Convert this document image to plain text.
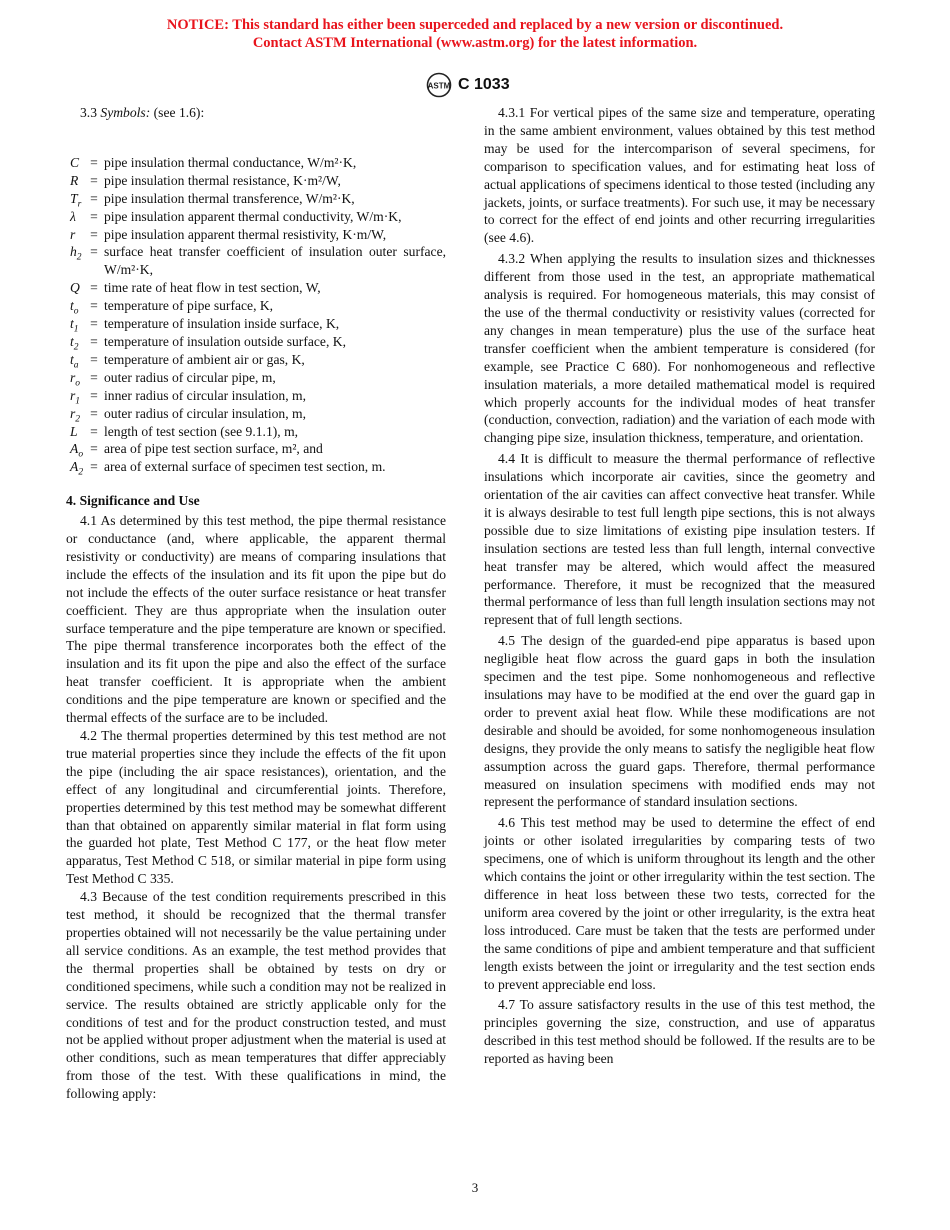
NOTICE: This standard has either been superceded and replaced by a new version or discontinued.
Contact ASTM International (www.astm.org) for the latest information.
ASTM C 1033

3.3 Symbols: (see 1.6):

C = pipe insulation thermal conductance, W/m²·K,
R = pipe insulation thermal resistance, K·m²/W,
$T_r$ = pipe insulation thermal transference, W/m²·K,
λ	= pipe insulation apparent thermal conductivity, W/m·K,
r	= pipe insulation apparent thermal resistivity, K·m/W,
$h_2$ = surface heat transfer coefficient of insulation outer surface, W/m²·K,
Q = time rate of heat flow in test section, W,
$t_o$ = temperature of pipe surface, K,
$t_1$ = temperature of insulation inside surface, K,
$t_2$ = temperature of insulation outside surface, K,
$t_a$ = temperature of ambient air or gas, K,
$r_o$ = outer radius of circular pipe, m,
$r_1$ = inner radius of circular insulation, m,
$r_2$ = outer radius of circular insulation, m,
L = length of test section (see 9.1.1), m,
$A_o$ = area of pipe test section surface, m², and
$A_2$ = area of external surface of specimen test section, m.
4. Significance and Use

4.1 As determined by this test method, the pipe thermal resistance or conductance (and, where applicable, the apparent thermal resistivity or conductivity) are means of comparing insulations that include the effects of the insulation and its fit upon the pipe but do not include the effects of the outer surface resistance or heat transfer coefficient. They are thus appropriate when the insulation outer surface temperature and the pipe temperature are known or specified. The pipe thermal transference incorporates both the effect of the insulation and its fit upon the pipe and also the effect of the surface heat transfer coefficient. It is appropriate when the ambient conditions and the pipe temperature are known or specified and the thermal effects of the surface are to be included.

4.2 The thermal properties determined by this test method are not true material properties since they include the effects of the fit upon the pipe (including the air space resistances), orientation, and the effect of any longitudinal and circumferential joints. Therefore, properties determined by this test method may be somewhat different than that obtained on apparently similar material in flat form using the guarded hot plate, Test Method C 177, or the heat flow meter apparatus, Test Method C 518, or similar material in pipe form using Test Method C 335.

4.3 Because of the test condition requirements prescribed in this test method, it should be recognized that the thermal transfer properties obtained will not necessarily be the value pertaining under all service conditions. As an example, the test method provides that the thermal properties shall be obtained by tests on dry or conditioned specimens, while such a condition may not be realized in service. The results obtained are strictly applicable only for the conditions of test and for the product construction tested, and must not be applied without proper adjustment when the material is used at other conditions, such as mean temperatures that differ appreciably from those of the test. With these qualifications in mind, the following apply:

4.3.1 For vertical pipes of the same size and temperature, operating in the same ambient environment, values obtained by this test method may be used for the intercomparison of several specimens, for comparison to specification values, and for estimating heat loss of actual applications of specimens identical to those tested (including any jackets, joints, or surface treatments). For such use, it may be necessary to correct for the effect of end joints and other recurring irregularities (see 4.6).

4.3.2 When applying the results to insulation sizes and thicknesses different from those used in the test, an appropriate mathematical analysis is required. For homogeneous materials, this may consist of the use of the thermal conductivity or resistivity values (corrected for any changes in mean temperature) plus the use of the surface heat transfer coefficient when the ambient temperature is considered (for example, see Practice C 680). For nonhomogeneous and reflective insulation materials, a more detailed mathematical model is required which properly accounts for the individual modes of heat transfer (conduction, convection, radiation) and the variation of each mode with changing pipe size, insulation thickness, temperature, and orientation.

4.4 It is difficult to measure the thermal performance of reflective insulations which incorporate air cavities, since the geometry and orientation of the air cavities can affect convective heat transfer. While it is always desirable to test full length pipe sections, this is not always possible due to size limitations of existing pipe insulation testers. If insulation sections are tested less than full length, internal convective heat transfer may be altered, which would affect the measured performance. Therefore, it must be recognized that the measured thermal performance of less than full length insulation sections may not represent that of full length sections.

4.5 The design of the guarded-end pipe apparatus is based upon negligible heat flow across the guard gaps in both the insulation specimen and the test pipe. Some nonhomogeneous and reflective insulations may have to be modified at the end over the guard gap in order to prevent axial heat flow. While these modifications are not desirable and should be avoided, for some nonhomogeneous insulation designs, they provide the only means to satisfy the negligible heat flow assumption across the guard gaps. Therefore, thermal performance measured on insulation specimens with modified ends may not represent the performance of standard insulation sections.

4.6 This test method may be used to determine the effect of end joints or other isolated irregularities by comparing tests of two specimens, one of which is uniform throughout its length and the other which contains the joint or other irregularity within the test section. The difference in heat loss between these two tests, corrected for the uniform area covered by the joint or other irregularity, is the extra heat loss introduced. Care must be taken that the tests are performed under the same conditions of pipe and ambient temperature and that sufficient length exists between the joint or irregularity and the test section ends to prevent appreciable end loss.

4.7 To assure satisfactory results in the use of this test method, the principles governing the size, construction, and use of apparatus described in this test method should be followed. If the results are to be reported as having been

3
